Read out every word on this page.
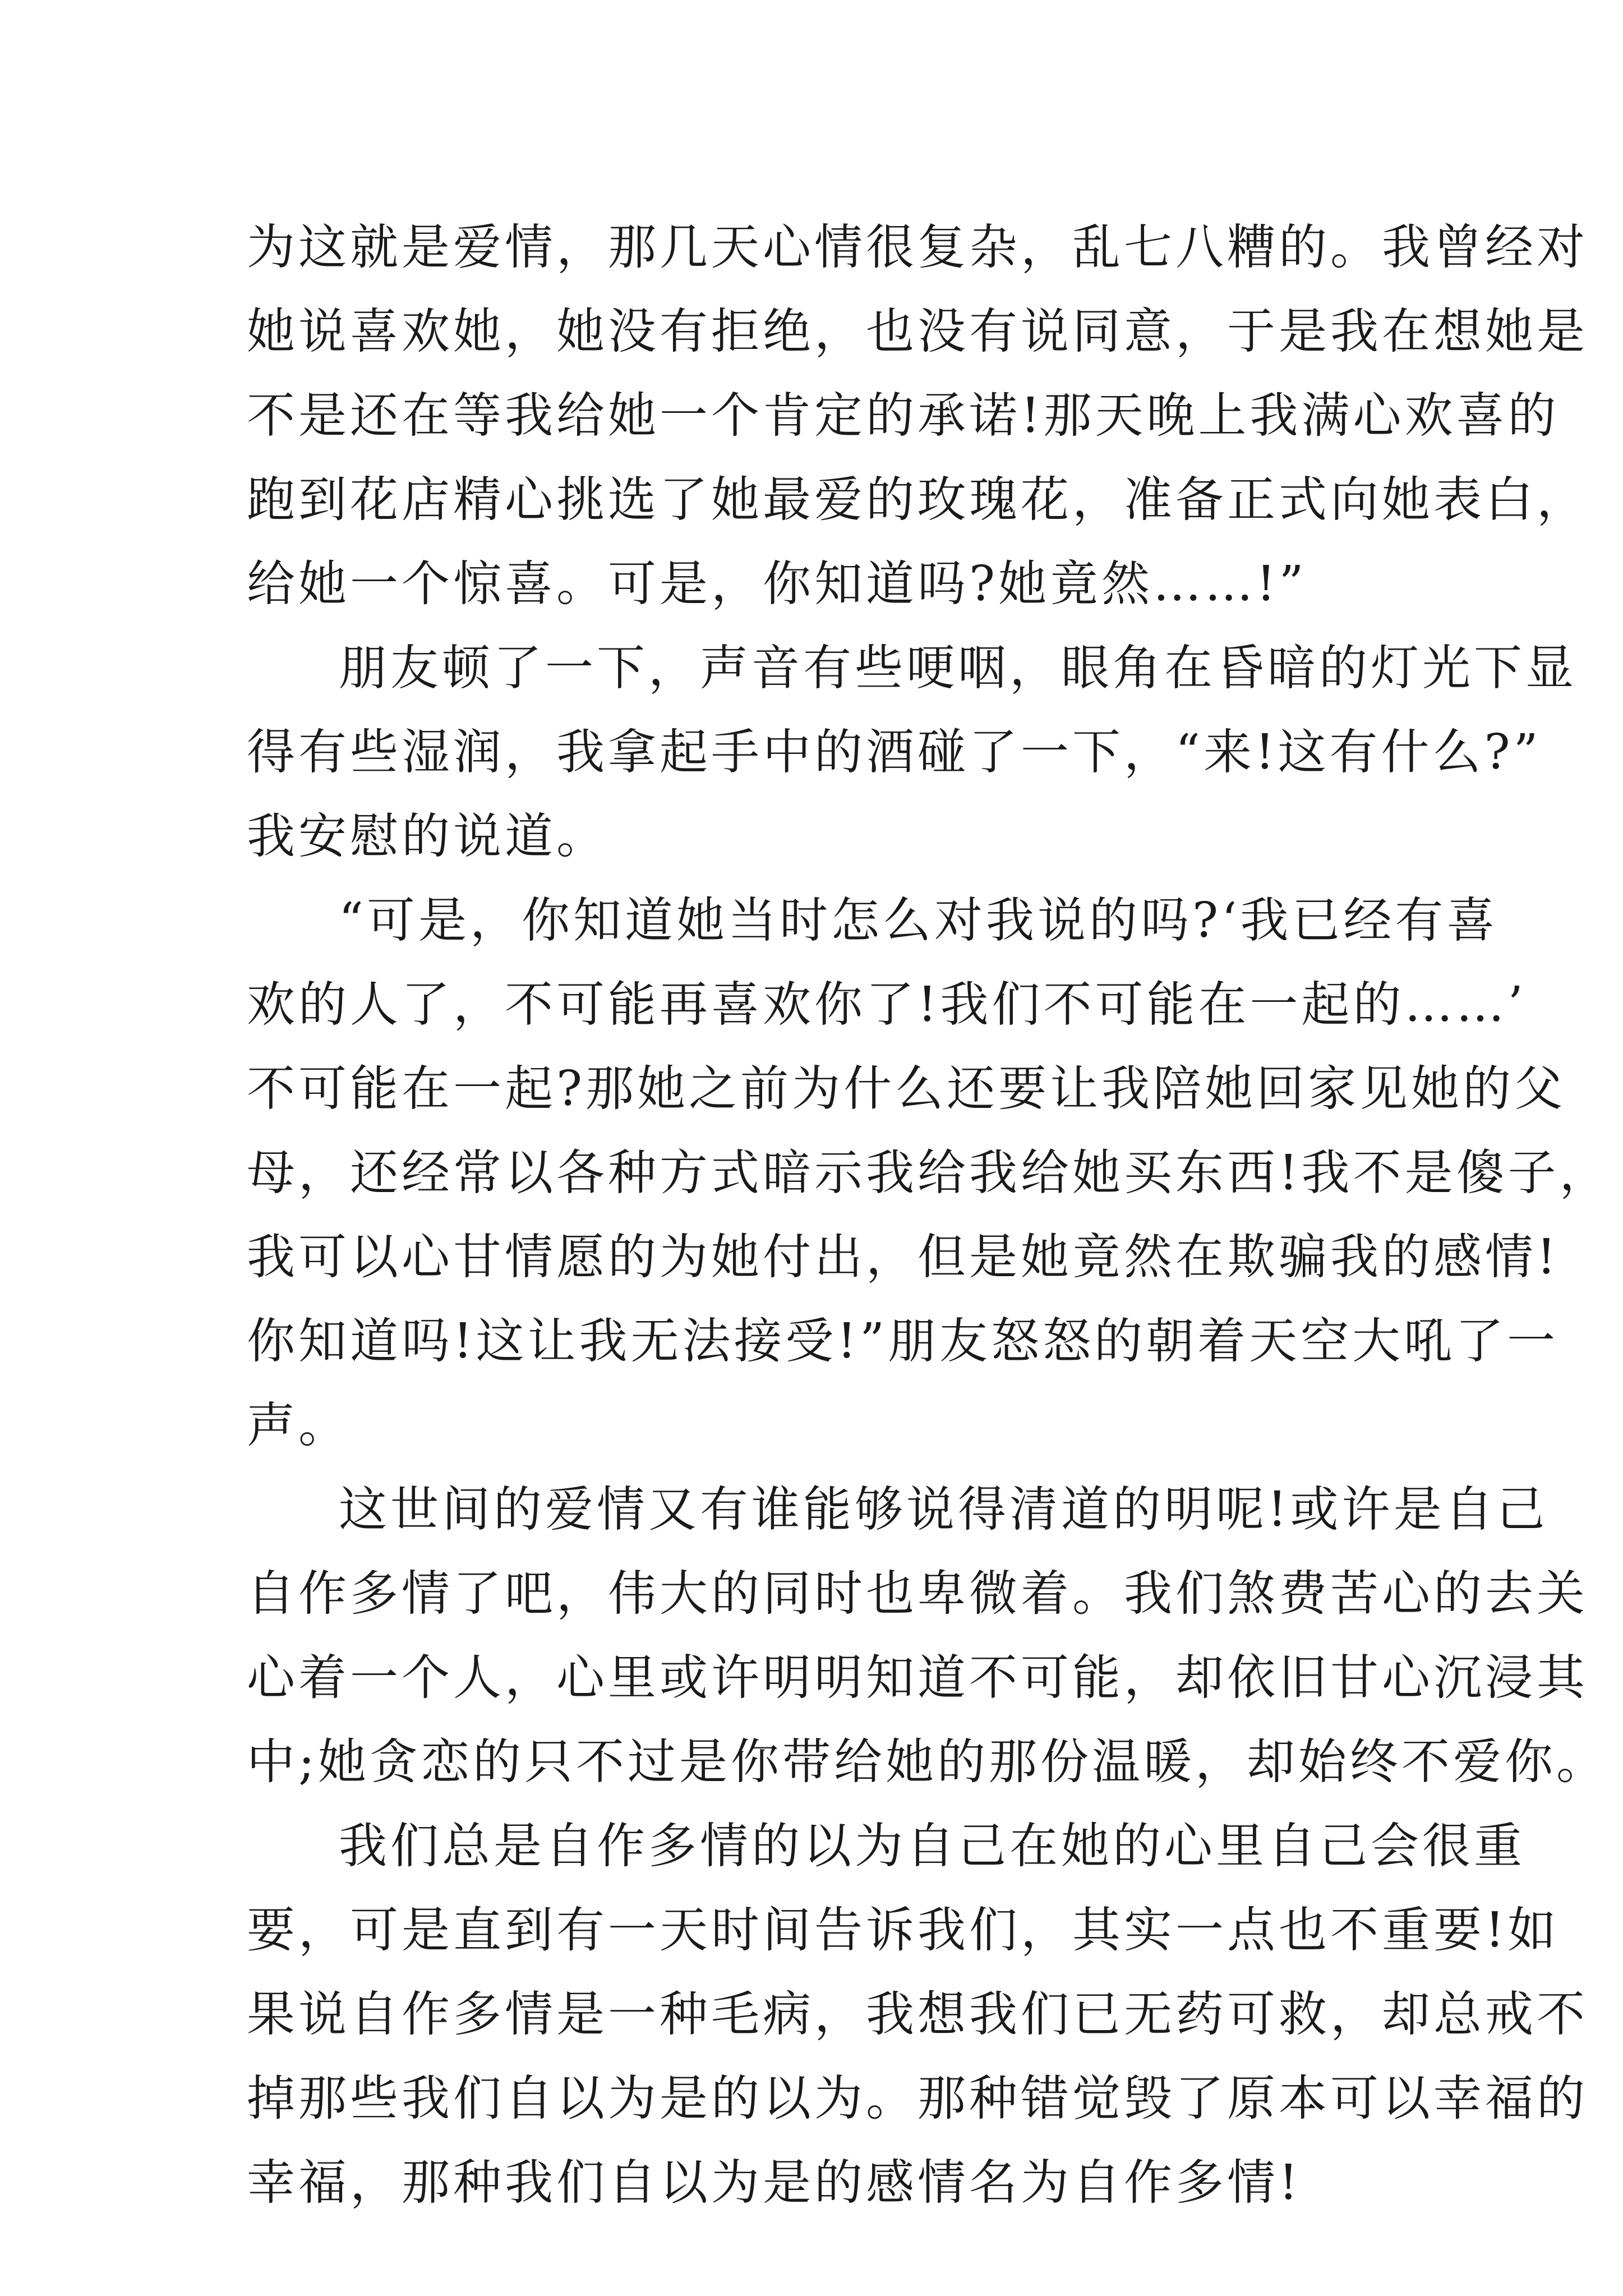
为这就是爱情，那几天心情很复杂，乱七八糟的。我曾经对
她说喜欢她，她没有拒绝，也没有说同意，于是我在想她是
不是还在等我给她一个肯定的承诺!那天晚上我满心欢喜的
跑到花店精心挑选了她最爱的玫瑰花，准备正式向她表白，
给她一个惊喜。可是，你知道吗?她竟然……!”
朋友顿了一下，声音有些哽咽，眼角在昏暗的灯光下显
得有些湿润，我拿起手中的酒碰了一下，“来!这有什么?”
我安慰的说道。
“可是，你知道她当时怎么对我说的吗?‘我已经有喜
欢的人了，不可能再喜欢你了!我们不可能在一起的……’
不可能在一起?那她之前为什么还要让我陪她回家见她的父
母，还经常以各种方式暗示我给我给她买东西!我不是傻子，
我可以心甘情愿的为她付出，但是她竟然在欺骗我的感情!
你知道吗!这让我无法接受!”朋友怒怒的朝着天空大吼了一
声。
这世间的爱情又有谁能够说得清道的明呢!或许是自己
自作多情了吧，伟大的同时也卑微着。我们煞费苦心的去关
心着一个人，心里或许明明知道不可能，却依旧甘心沉浸其
中;她贪恋的只不过是你带给她的那份温暖，却始终不爱你。
我们总是自作多情的以为自己在她的心里自己会很重
要，可是直到有一天时间告诉我们，其实一点也不重要!如
果说自作多情是一种毛病，我想我们已无药可救，却总戒不
掉那些我们自以为是的以为。那种错觉毁了原本可以幸福的
幸福，那种我们自以为是的感情名为自作多情!
